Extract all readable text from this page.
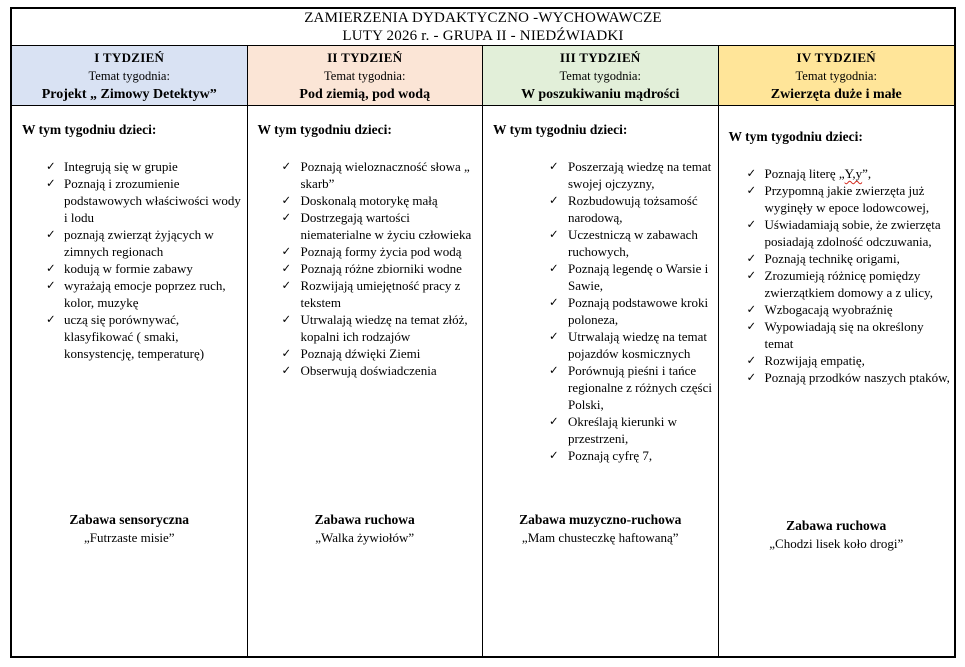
ZAMIERZENIA DYDAKTYCZNO -WYCHOWAWCZE
LUTY 2026 r. - GRUPA II - NIEDŹWIADKI
I TYDZIEŃ
Temat tygodnia:
Projekt „ Zimowy Detektyw”
II TYDZIEŃ
Temat tygodnia:
Pod ziemią, pod wodą
III TYDZIEŃ
Temat tygodnia:
W poszukiwaniu mądrości
IV TYDZIEŃ
Temat tygodnia:
Zwierzęta duże i małe
W tym tygodniu dzieci:
✓ Integrują się w grupie
✓ Poznają i zrozumienie podstawowych właściwości wody i lodu
✓ poznają zwierząt żyjących w zimnych regionach
✓ kodują w formie zabawy
✓ wyrażają emocje poprzez ruch, kolor, muzykę
✓ uczą się porównywać, klasyfikować ( smaki, konsystencję, temperaturę)
Zabawa sensoryczna
„Futrzaste misie”
W tym tygodniu dzieci:
✓ Poznają wieloznaczność słowa „ skarb”
✓ Doskonalą motorykę małą
✓ Dostrzegają wartości niematerialne w życiu człowieka
✓ Poznają formy życia pod wodą
✓ Poznają różne zbiorniki wodne
✓ Rozwijają umiejętność pracy z tekstem
✓ Utrwalają wiedzę na temat złóż, kopalni ich rodzajów
✓ Poznają dźwięki Ziemi
✓ Obserwują doświadczenia
Zabawa ruchowa
„Walka żywiołów”
W tym tygodniu dzieci:
✓ Poszerzają wiedzę na temat swojej ojczyzny,
✓ Rozbudowują tożsamość narodową,
✓ Uczestniczą w zabawach ruchowych,
✓ Poznają legendę o Warsie i Sawie,
✓ Poznają podstawowe kroki poloneza,
✓ Utrwalają wiedzę na temat pojazdów kosmicznych
✓ Porównują pieśni i tańce regionalne z różnych części Polski,
✓ Określają kierunki w przestrzeni,
✓ Poznają cyfrę 7,
Zabawa muzyczno-ruchowa
„Mam chusteczkę haftowaną”
W tym tygodniu dzieci:
✓ Poznają literę „Y,y”,
✓ Przypomną jakie zwierzęta już wyginęły w epoce lodowcowej,
✓ Uświadamiają sobie, że zwierzęta posiadają zdolność odczuwania,
✓ Poznają technikę origami,
✓ Zrozumieją różnicę pomiędzy zwierzątkiem domowy a z ulicy,
✓ Wzbogacają wyobraźnię
✓ Wypowiadają się na określony temat
✓ Rozwijają empatię,
✓ Poznają przodków naszych ptaków,
Zabawa ruchowa
„Chodzi lisek koło drogi”
